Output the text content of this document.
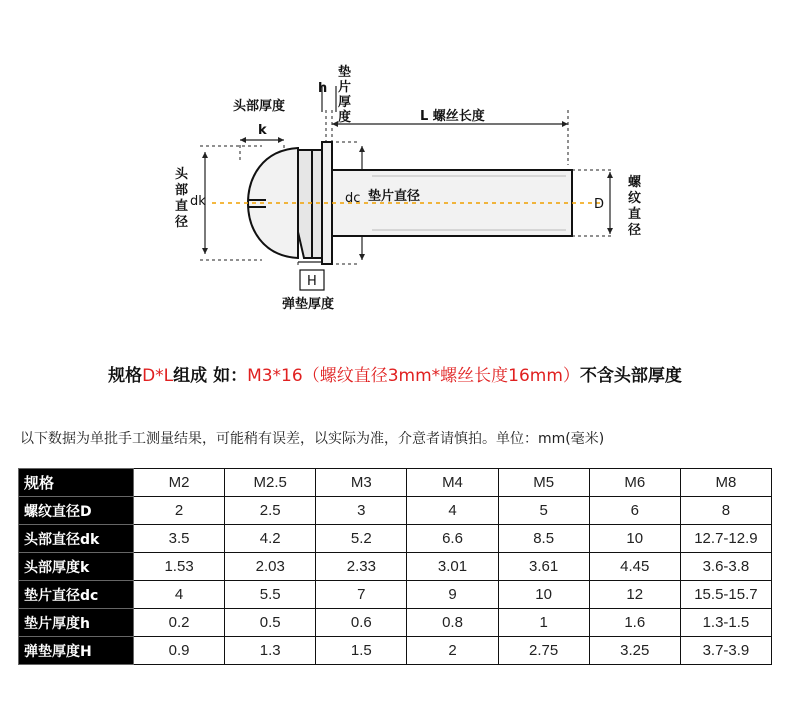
头部厚度
k
h
垫
片
厚
度	L 螺丝长度
头
部
直
径
dk	dc 垫片直径
D
螺
纹
直
径
H
弹垫厚度
规格D*L组成 如：M3*16（螺纹直径3mm*螺丝长度16mm）不含头部厚度
以下数据为单批手工测量结果，可能稍有误差，以实际为准，介意者请慎拍。单位：mm(毫米)
规格	M2	M2.5	M3	M4	M5	M6	M8
螺纹直径D	2	2.5	3	4	5	6	8
头部直径dk	3.5	4.2	5.2	6.6	8.5	10	12.7-12.9
头部厚度k	1.53	2.03	2.33	3.01	3.61	4.45	3.6-3.8
垫片直径dc	4	5.5	7	9	10	12	15.5-15.7
垫片厚度h	0.2	0.5	0.6	0.8	1	1.6	1.3-1.5
弹垫厚度H	0.9	1.3	1.5	2	2.75	3.25	3.7-3.9
